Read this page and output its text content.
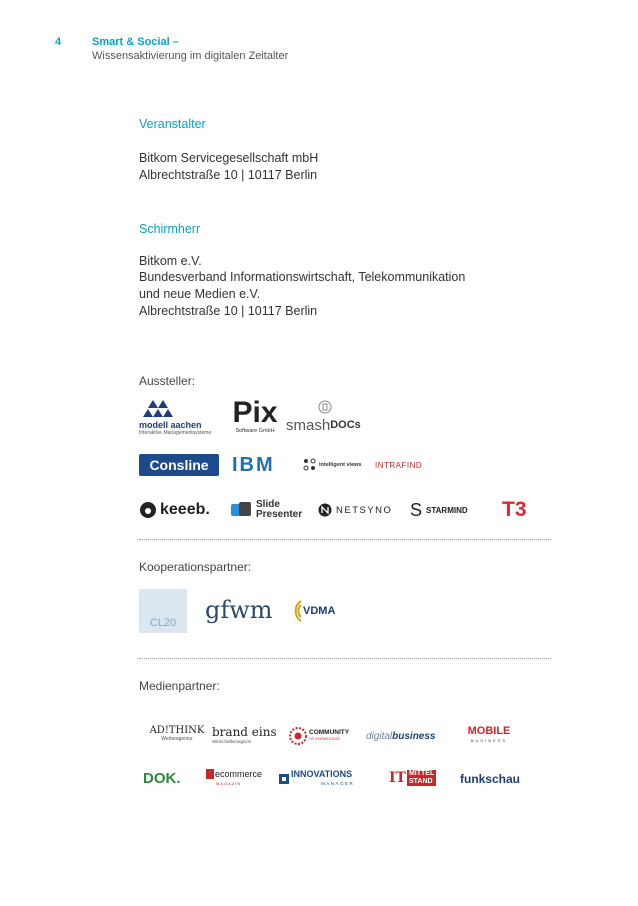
4	Smart & Social –
Wissensaktivierung im digitalen Zeitalter
Veranstalter
Bitkom Servicegesellschaft mbH
Albrechtstraße 10 | 10117 Berlin
Schirmherr
Bitkom e.V.
Bundesverband Informationswirtschaft, Telekommunikation
und neue Medien e.V.
Albrechtstraße 10 | 10117 Berlin
Aussteller:
modell aachen
Interaktive Managementsysteme
Pix
Software GmbH smash DOCs
Consline IBM	intelligent views INTRAFIND
keeeb.	Slide
Presenter	NETSYNO S STARMIND T3
Kooperationspartner:
CL20 gfwm	VDMA
Medienpartner:
AD!THINK
Werbeagentur brand eins
Wirtschaftsmagazin
COMMUNITY
OF KNOWLEDGE	digital business	MOBILE
BUSINESS
DOK.	ecommerce
MAGAZIN
INNOVATIONS
MANAGER IT MITTEL
STAND funkschau
